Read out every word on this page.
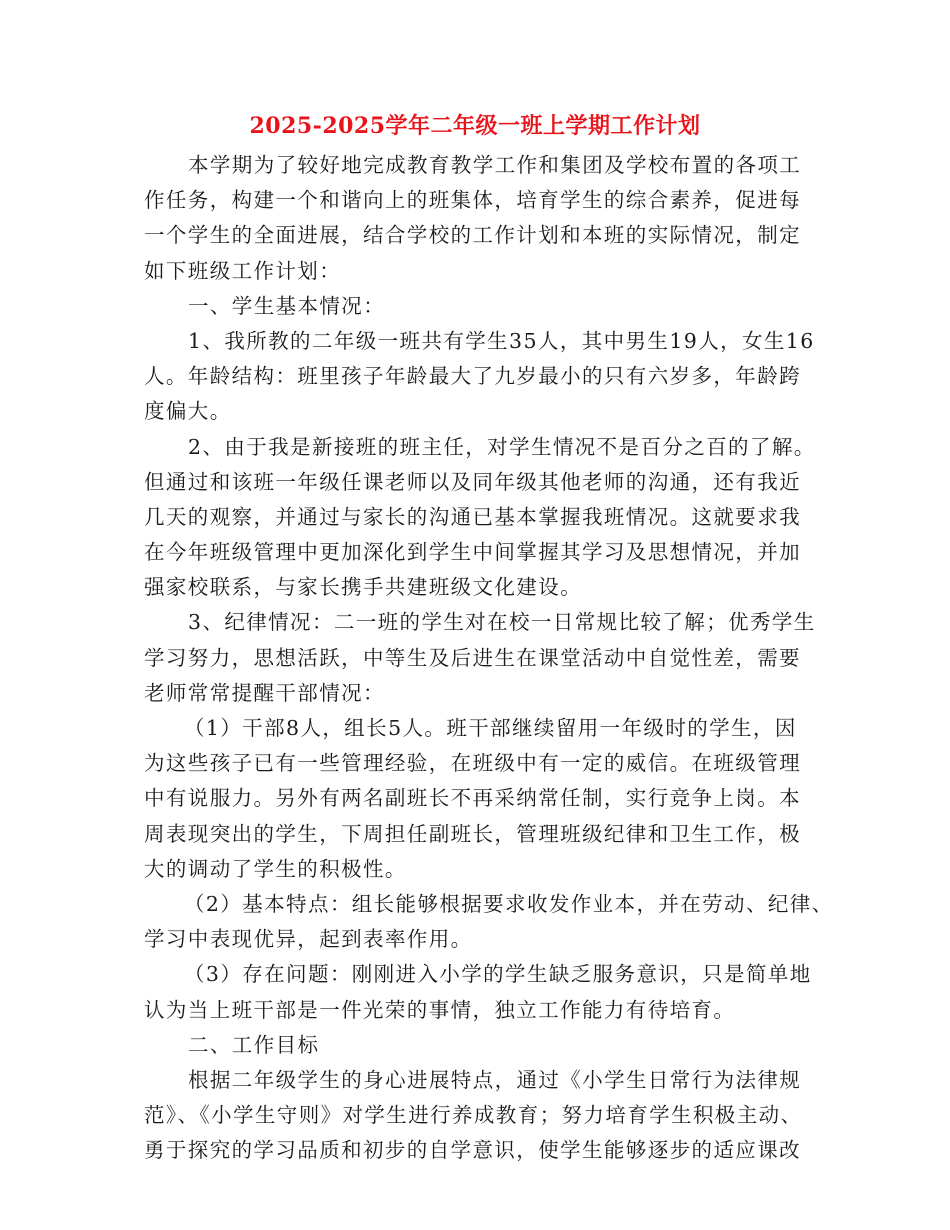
2025-2025学年二年级一班上学期工作计划
本学期为了较好地完成教育教学工作和集团及学校布置的各项工
作任务，构建一个和谐向上的班集体，培育学生的综合素养，促进每
一个学生的全面进展，结合学校的工作计划和本班的实际情况，制定
如下班级工作计划：
一、学生基本情况：
1、我所教的二年级一班共有学生35人，其中男生19人，女生16
人。年龄结构：班里孩子年龄最大了九岁最小的只有六岁多，年龄跨
度偏大。
2、由于我是新接班的班主任，对学生情况不是百分之百的了解。
但通过和该班一年级任课老师以及同年级其他老师的沟通，还有我近
几天的观察，并通过与家长的沟通已基本掌握我班情况。这就要求我
在今年班级管理中更加深化到学生中间掌握其学习及思想情况，并加
强家校联系，与家长携手共建班级文化建设。
3、纪律情况：二一班的学生对在校一日常规比较了解；优秀学生
学习努力，思想活跃，中等生及后进生在课堂活动中自觉性差，需要
老师常常提醒干部情况：
（1）干部8人，组长5人。班干部继续留用一年级时的学生，因
为这些孩子已有一些管理经验，在班级中有一定的威信。在班级管理
中有说服力。另外有两名副班长不再采纳常任制，实行竞争上岗。本
周表现突出的学生，下周担任副班长，管理班级纪律和卫生工作，极
大的调动了学生的积极性。
（2）基本特点：组长能够根据要求收发作业本，并在劳动、纪律、
学习中表现优异，起到表率作用。
（3）存在问题：刚刚进入小学的学生缺乏服务意识，只是简单地
认为当上班干部是一件光荣的事情，独立工作能力有待培育。
二、工作目标
根据二年级学生的身心进展特点，通过《小学生日常行为法律规
范》、《小学生守则》对学生进行养成教育；努力培育学生积极主动、
勇于探究的学习品质和初步的自学意识，使学生能够逐步的适应课改
